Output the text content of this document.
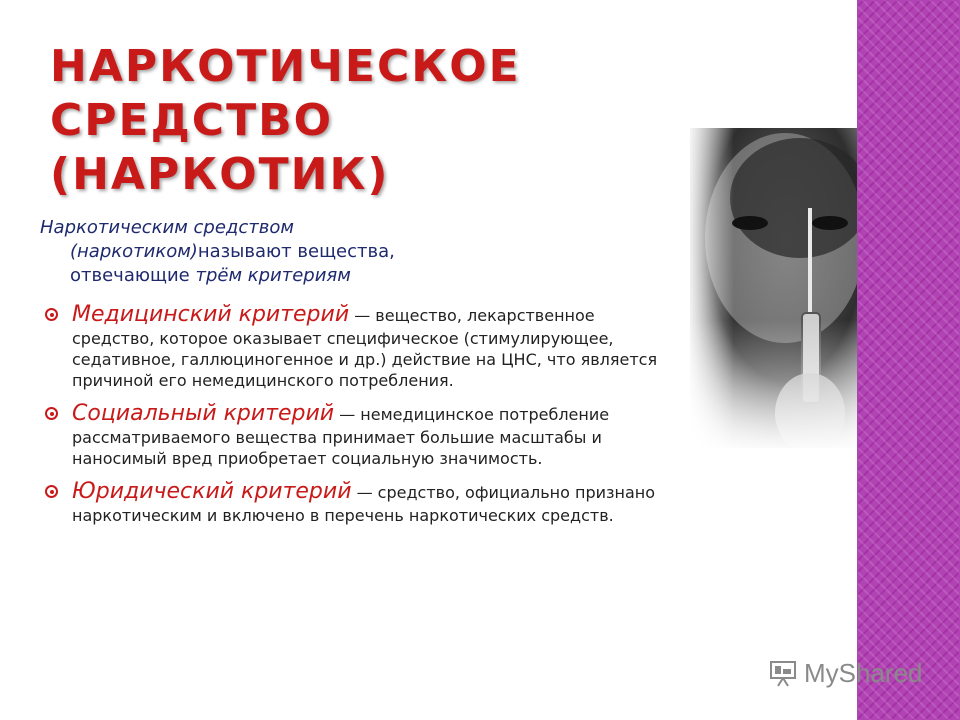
НАРКОТИЧЕСКОЕ
СРЕДСТВО (НАРКОТИК)
Наркотическим средством
(наркотиком)называют вещества,
отвечающие трём критериям
Медицинский критерий — вещество, лекарственное средство, которое оказывает специфическое (стимулирующее, седативное, галлюциногенное и др.) действие на ЦНС, что является причиной его немедицинского потребления.
Социальный критерий — немедицинское потребление рассматриваемого вещества принимает большие масштабы и наносимый вред приобретает социальную значимость.
Юридический критерий — средство, официально признано наркотическим и включено в перечень наркотических средств.
MyShared
